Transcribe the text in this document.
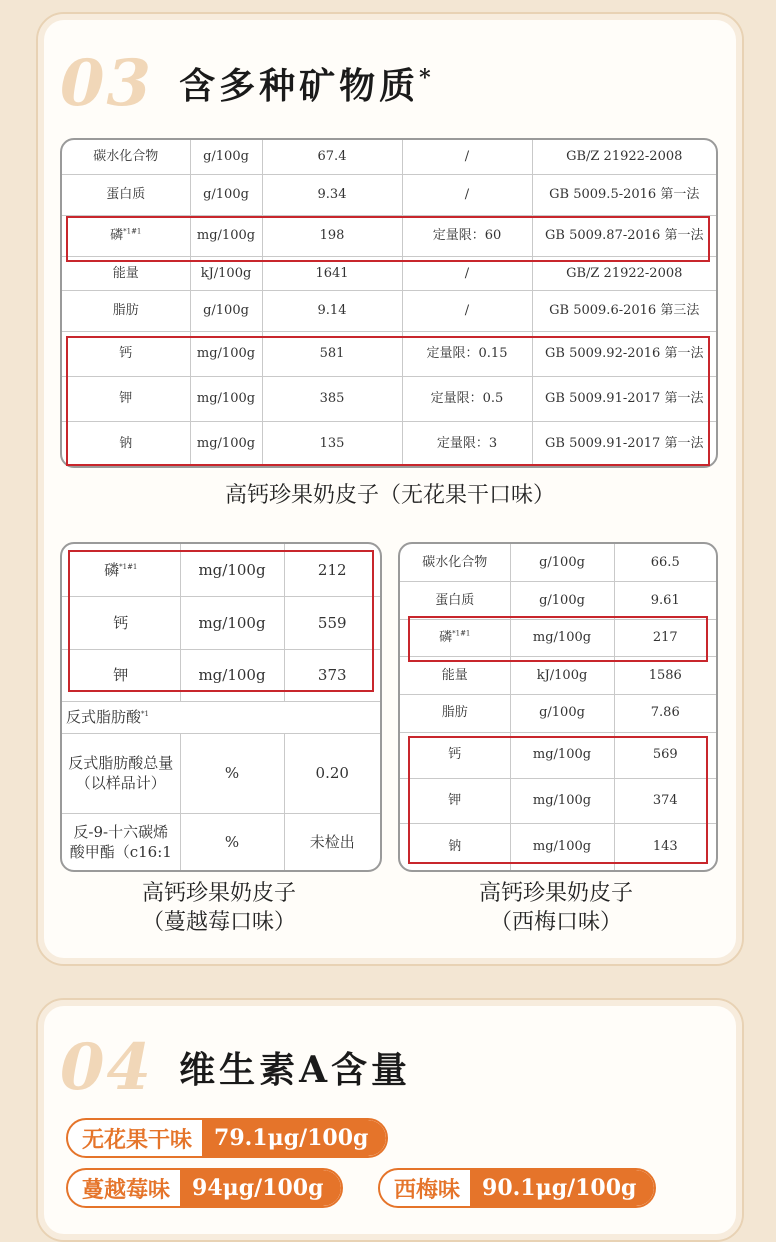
03 含多种矿物质*
碳水化合物	g/100g	67.4	/	GB/Z 21922-2008
蛋白质	g/100g	9.34	/	GB 5009.5-2016 第一法
磷$^{*1\#1}$	mg/100g	198	定量限：60	GB 5009.87-2016 第一法
能量	kJ/100g	1641	/	GB/Z 21922-2008
脂肪	g/100g	9.14	/	GB 5009.6-2016 第三法
钙	mg/100g	581	定量限：0.15	GB 5009.92-2016 第一法
钾	mg/100g	385	定量限：0.5	GB 5009.91-2017 第一法
钠	mg/100g	135	定量限：3	GB 5009.91-2017 第一法
高钙珍果奶皮子（无花果干口味）
磷$^{*1\#1}$	mg/100g	212
钙	mg/100g	559
钾	mg/100g	373
反式脂肪酸$^{*1}$
反式脂肪酸总量（以样品计）	%	0.20
反-9-十六碳烯酸甲酯（c16:1	%	未检出
高钙珍果奶皮子
（蔓越莓口味）
碳水化合物	g/100g	66.5
蛋白质	g/100g	9.61
磷$^{*1\#1}$	mg/100g	217
能量	kJ/100g	1586
脂肪	g/100g	7.86
钙	mg/100g	569
钾	mg/100g	374
钠	mg/100g	143
高钙珍果奶皮子
（西梅口味）
04 维生素A含量
无花果干味	79.1μg/100g
蔓越莓味	94μg/100g	西梅味	90.1μg/100g
